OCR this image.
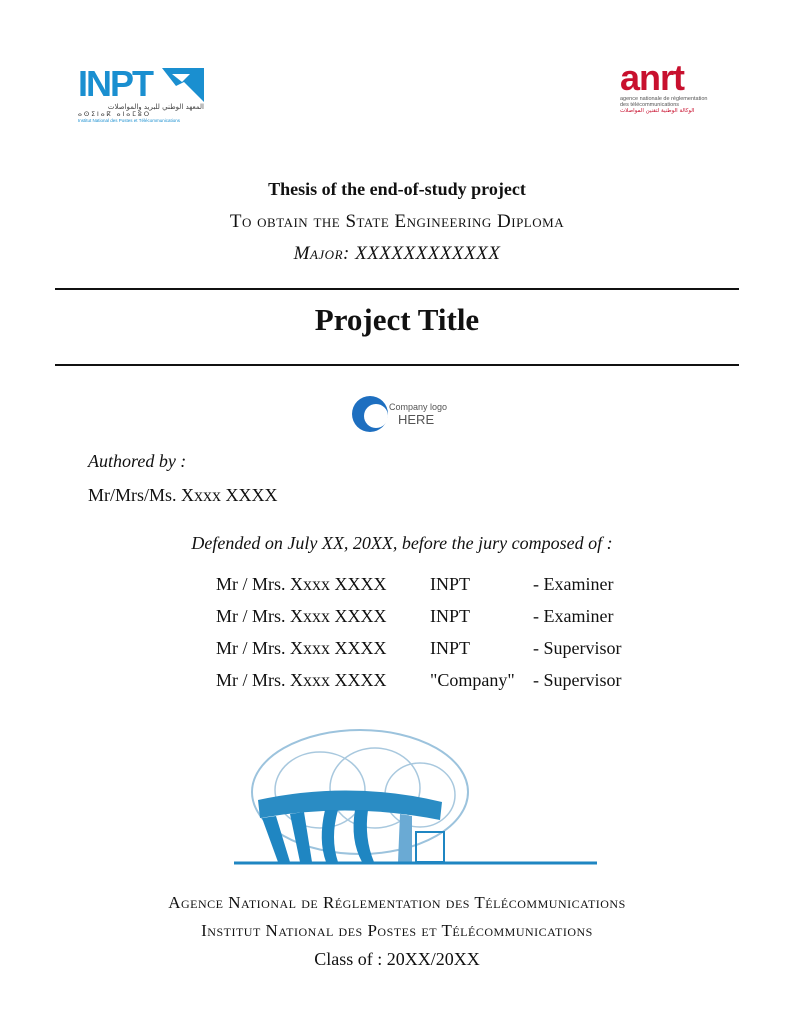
INPT
المعهد الوطني للبريد والمواصلات
ⴰⵙⵉⵏⴰⴽ ⴰⵏⴰⵎⵓⵔ
Institut National des Postes et Télécommunications
anrt
agence nationale de réglementation
des télécommunications
الوكالة الوطنية لتقنين المواصلات
Thesis of the end-of-study project
To obtain the State Engineering Diploma
Major: XXXXXXXXXXXX
Project Title
Company logo
HERE
Authored by :
Mr/Mrs/Ms. Xxxx XXXX
Defended on July XX, 20XX, before the jury composed of :
Mr / Mrs. Xxxx XXXX INPT	- Examiner
Mr / Mrs. Xxxx XXXX INPT	- Examiner
Mr / Mrs. Xxxx XXXX INPT	- Supervisor
Mr / Mrs. Xxxx XXXX "Company" - Supervisor
Agence National de Réglementation des Télécommunications
Institut National des Postes et Télécommunications
Class of : 20XX/20XX
